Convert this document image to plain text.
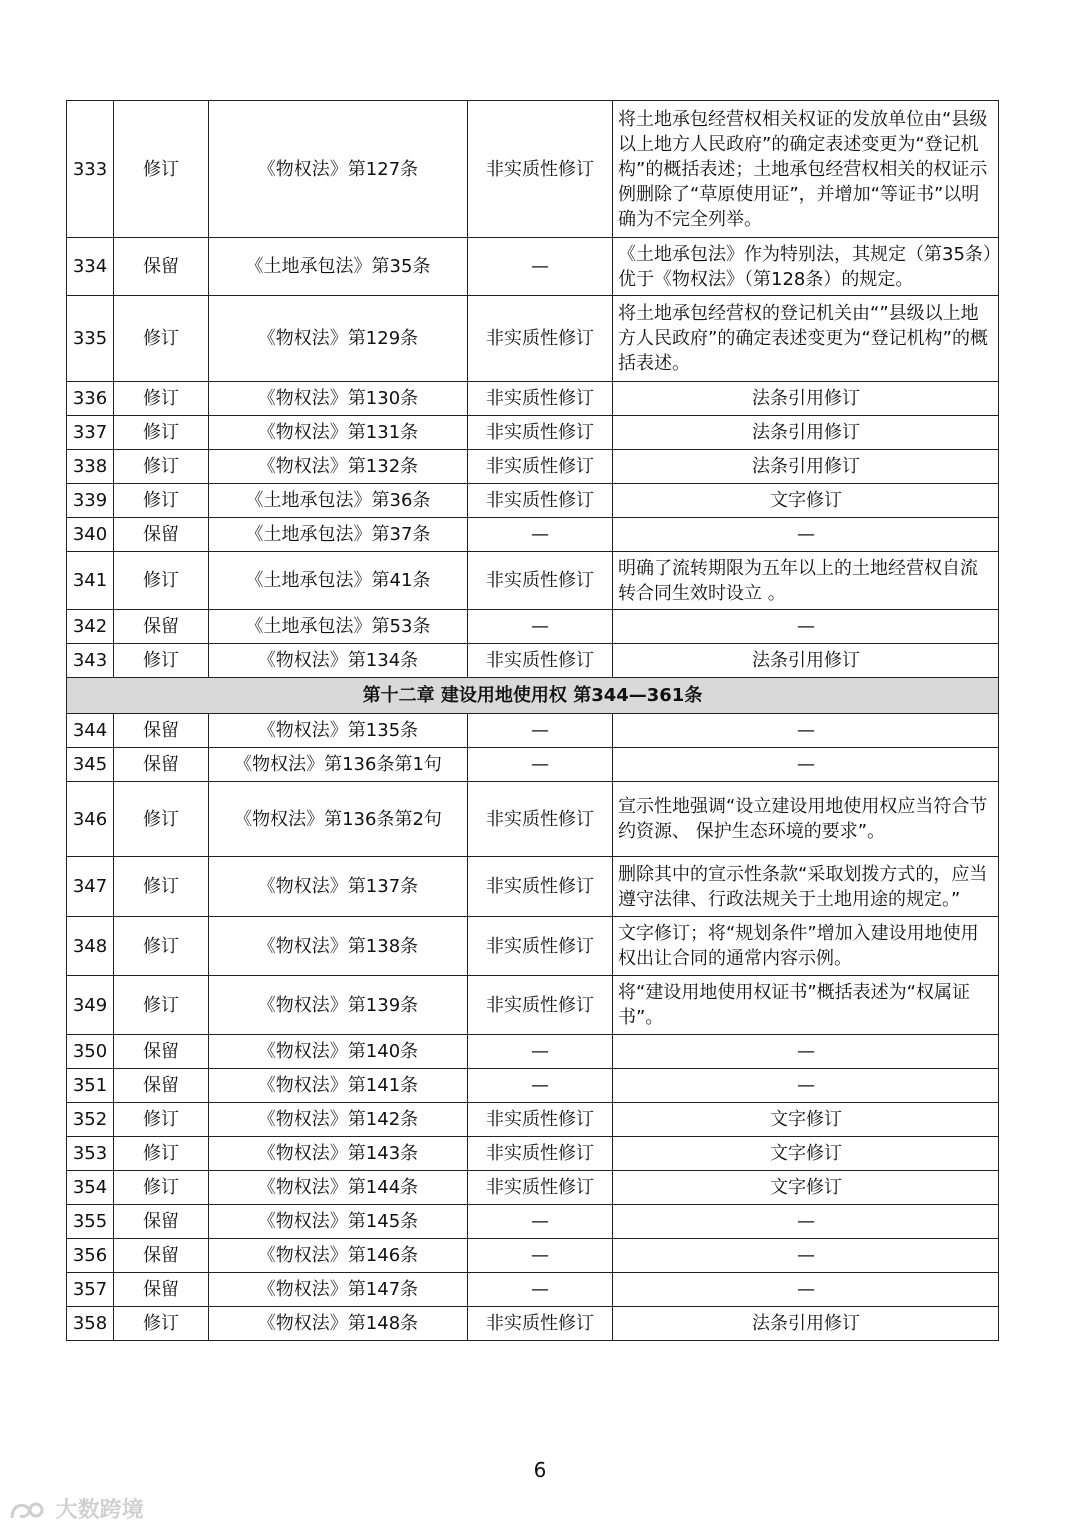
333	修订	《物权法》第127条	非实质性修订	将土地承包经营权相关权证的发放单位由“县级以上地方人民政府”的确定表述变更为“登记机构”的概括表述；土地承包经营权相关的权证示例删除了“草原使用证”，并增加“等证书”以明确为不完全列举。
334	保留	《土地承包法》第35条	—	《土地承包法》作为特别法，其规定（第35条）优于《物权法》（第128条）的规定。
335	修订	《物权法》第129条	非实质性修订	将土地承包经营权的登记机关由“”县级以上地方人民政府”的确定表述变更为“登记机构”的概括表述。
336	修订	《物权法》第130条	非实质性修订	法条引用修订
337	修订	《物权法》第131条	非实质性修订	法条引用修订
338	修订	《物权法》第132条	非实质性修订	法条引用修订
339	修订	《土地承包法》第36条	非实质性修订	文字修订
340	保留	《土地承包法》第37条	—	—
341	修订	《土地承包法》第41条	非实质性修订	明确了流转期限为五年以上的土地经营权自流转合同生效时设立 。
342	保留	《土地承包法》第53条	—	—
343	修订	《物权法》第134条	非实质性修订	法条引用修订
第十二章 建设用地使用权 第344—361条				
344	保留	《物权法》第135条	—	—
345	保留	《物权法》第136条第1句	—	—
346	修订	《物权法》第136条第2句	非实质性修订	宣示性地强调“设立建设用地使用权应当符合节约资源、 保护生态环境的要求”。
347	修订	《物权法》第137条	非实质性修订	删除其中的宣示性条款“采取划拨方式的，应当遵守法律、行政法规关于土地用途的规定。”
348	修订	《物权法》第138条	非实质性修订	文字修订；将“规划条件”增加入建设用地使用权出让合同的通常内容示例。
349	修订	《物权法》第139条	非实质性修订	将“建设用地使用权证书”概括表述为“权属证书”。
350	保留	《物权法》第140条	—	—
351	保留	《物权法》第141条	—	—
352	修订	《物权法》第142条	非实质性修订	文字修订
353	修订	《物权法》第143条	非实质性修订	文字修订
354	修订	《物权法》第144条	非实质性修订	文字修订
355	保留	《物权法》第145条	—	—
356	保留	《物权法》第146条	—	—
357	保留	《物权法》第147条	—	—
358	修订	《物权法》第148条	非实质性修订	法条引用修订
6
大数跨境
